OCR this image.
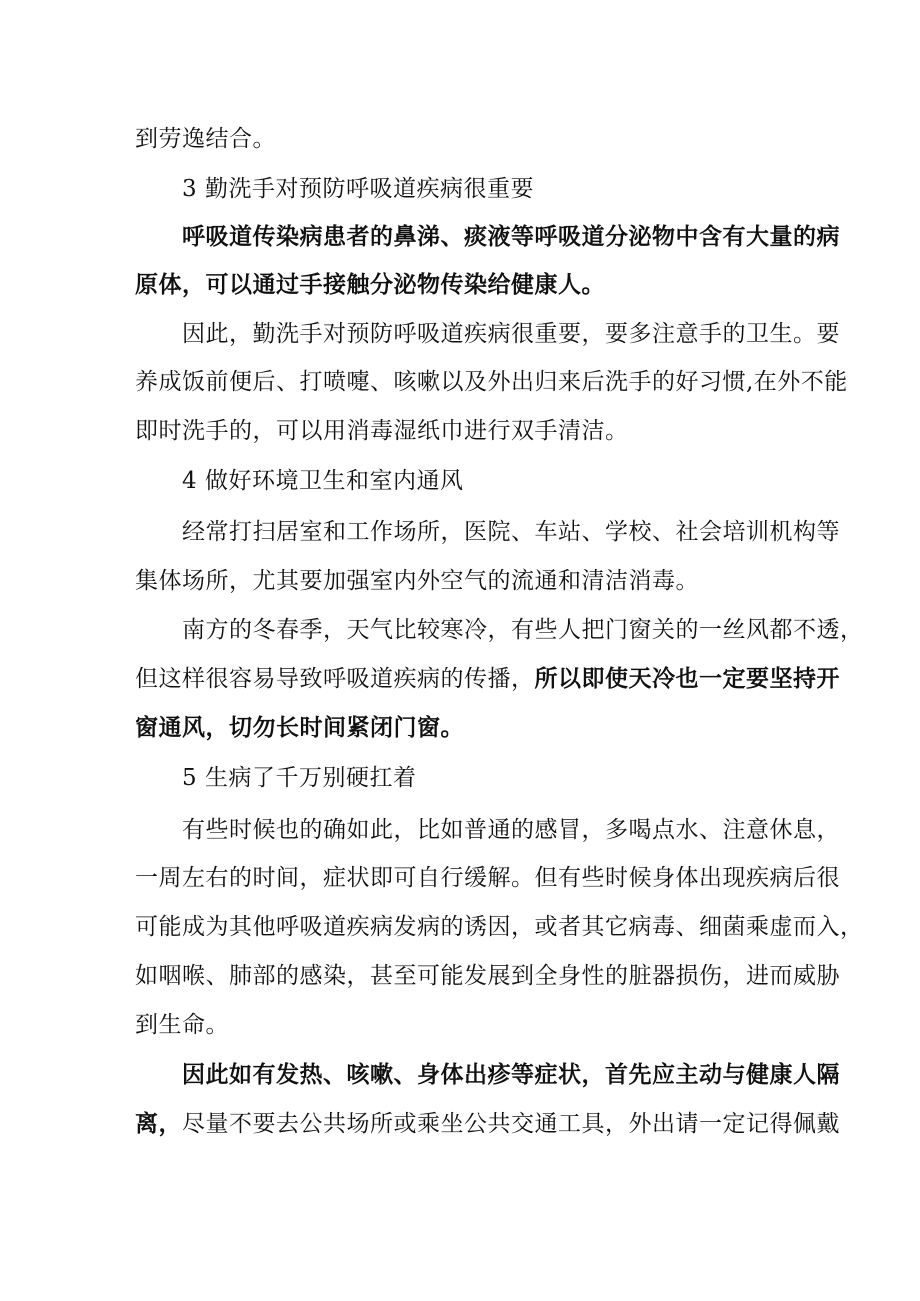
到劳逸结合。
3 勤洗手对预防呼吸道疾病很重要
呼吸道传染病患者的鼻涕、痰液等呼吸道分泌物中含有大量的病
原体，可以通过手接触分泌物传染给健康人。
因此，勤洗手对预防呼吸道疾病很重要，要多注意手的卫生。要
养成饭前便后、打喷嚏、咳嗽以及外出归来后洗手的好习惯,在外不能
即时洗手的，可以用消毒湿纸巾进行双手清洁。
4 做好环境卫生和室内通风
经常打扫居室和工作场所，医院、车站、学校、社会培训机构等
集体场所，尤其要加强室内外空气的流通和清洁消毒。
南方的冬春季，天气比较寒冷，有些人把门窗关的一丝风都不透，
但这样很容易导致呼吸道疾病的传播，所以即使天冷也一定要坚持开
窗通风，切勿长时间紧闭门窗。
5 生病了千万别硬扛着
有些时候也的确如此，比如普通的感冒，多喝点水、注意休息，
一周左右的时间，症状即可自行缓解。但有些时候身体出现疾病后很
可能成为其他呼吸道疾病发病的诱因，或者其它病毒、细菌乘虚而入，
如咽喉、肺部的感染，甚至可能发展到全身性的脏器损伤，进而威胁
到生命。
因此如有发热、咳嗽、身体出疹等症状，首先应主动与健康人隔
离，尽量不要去公共场所或乘坐公共交通工具，外出请一定记得佩戴
